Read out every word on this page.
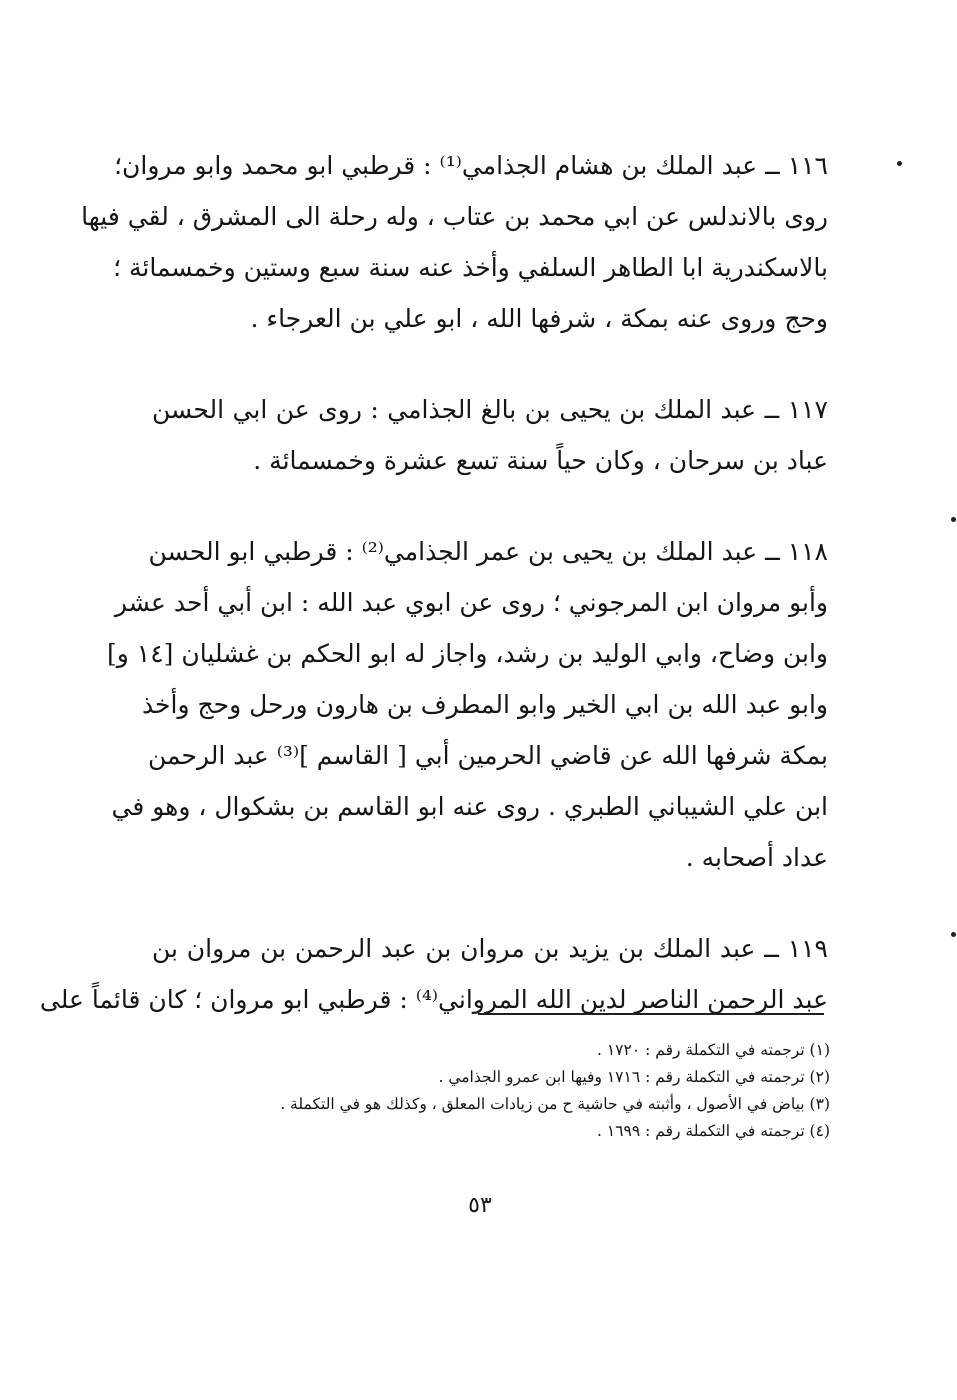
١١٦ ــ عبد الملك بن هشام الجذامي⁽¹⁾ : قرطبي ابو محمد وابو مروان؛
روى بالاندلس عن ابي محمد بن عتاب ، وله رحلة الى المشرق ، لقي فيها
بالاسكندرية ابا الطاهر السلفي وأخذ عنه سنة سبع وستين وخمسمائة ؛
وحج وروى عنه بمكة ، شرفها الله ، ابو علي بن العرجاء .
١١٧ ــ عبد الملك بن يحيى بن بالغ الجذامي : روى عن ابي الحسن
عباد بن سرحان ، وكان حياً سنة تسع عشرة وخمسمائة .
١١٨ ــ عبد الملك بن يحيى بن عمر الجذامي⁽²⁾ : قرطبي ابو الحسن
وأبو مروان ابن المرجوني ؛ روى عن ابوي عبد الله : ابن أبي أحد عشر
وابن وضاح، وابي الوليد بن رشد، واجاز له ابو الحكم بن غشليان [١٤ و]
وابو عبد الله بن ابي الخير وابو المطرف بن هارون ورحل وحج وأخذ
بمكة شرفها الله عن قاضي الحرمين أبي [ القاسم ]⁽³⁾ عبد الرحمن
ابن علي الشيباني الطبري . روى عنه ابو القاسم بن بشكوال ، وهو في
عداد أصحابه .
١١٩ ــ عبد الملك بن يزيد بن مروان بن عبد الرحمن بن مروان بن
عبد الرحمن الناصر لدين الله المرواني⁽⁴⁾ : قرطبي ابو مروان ؛ كان قائماً على
(١) ترجمته في التكملة رقم : ١٧٢٠ .
(٢) ترجمته في التكملة رقم : ١٧١٦ وفيها ابن عمرو الجذامي .
(٣) بياض في الأصول ، وأثبته في حاشية ح من زيادات المعلق ، وكذلك هو في التكملة .
(٤) ترجمته في التكملة رقم : ١٦٩٩ .
٥٣
